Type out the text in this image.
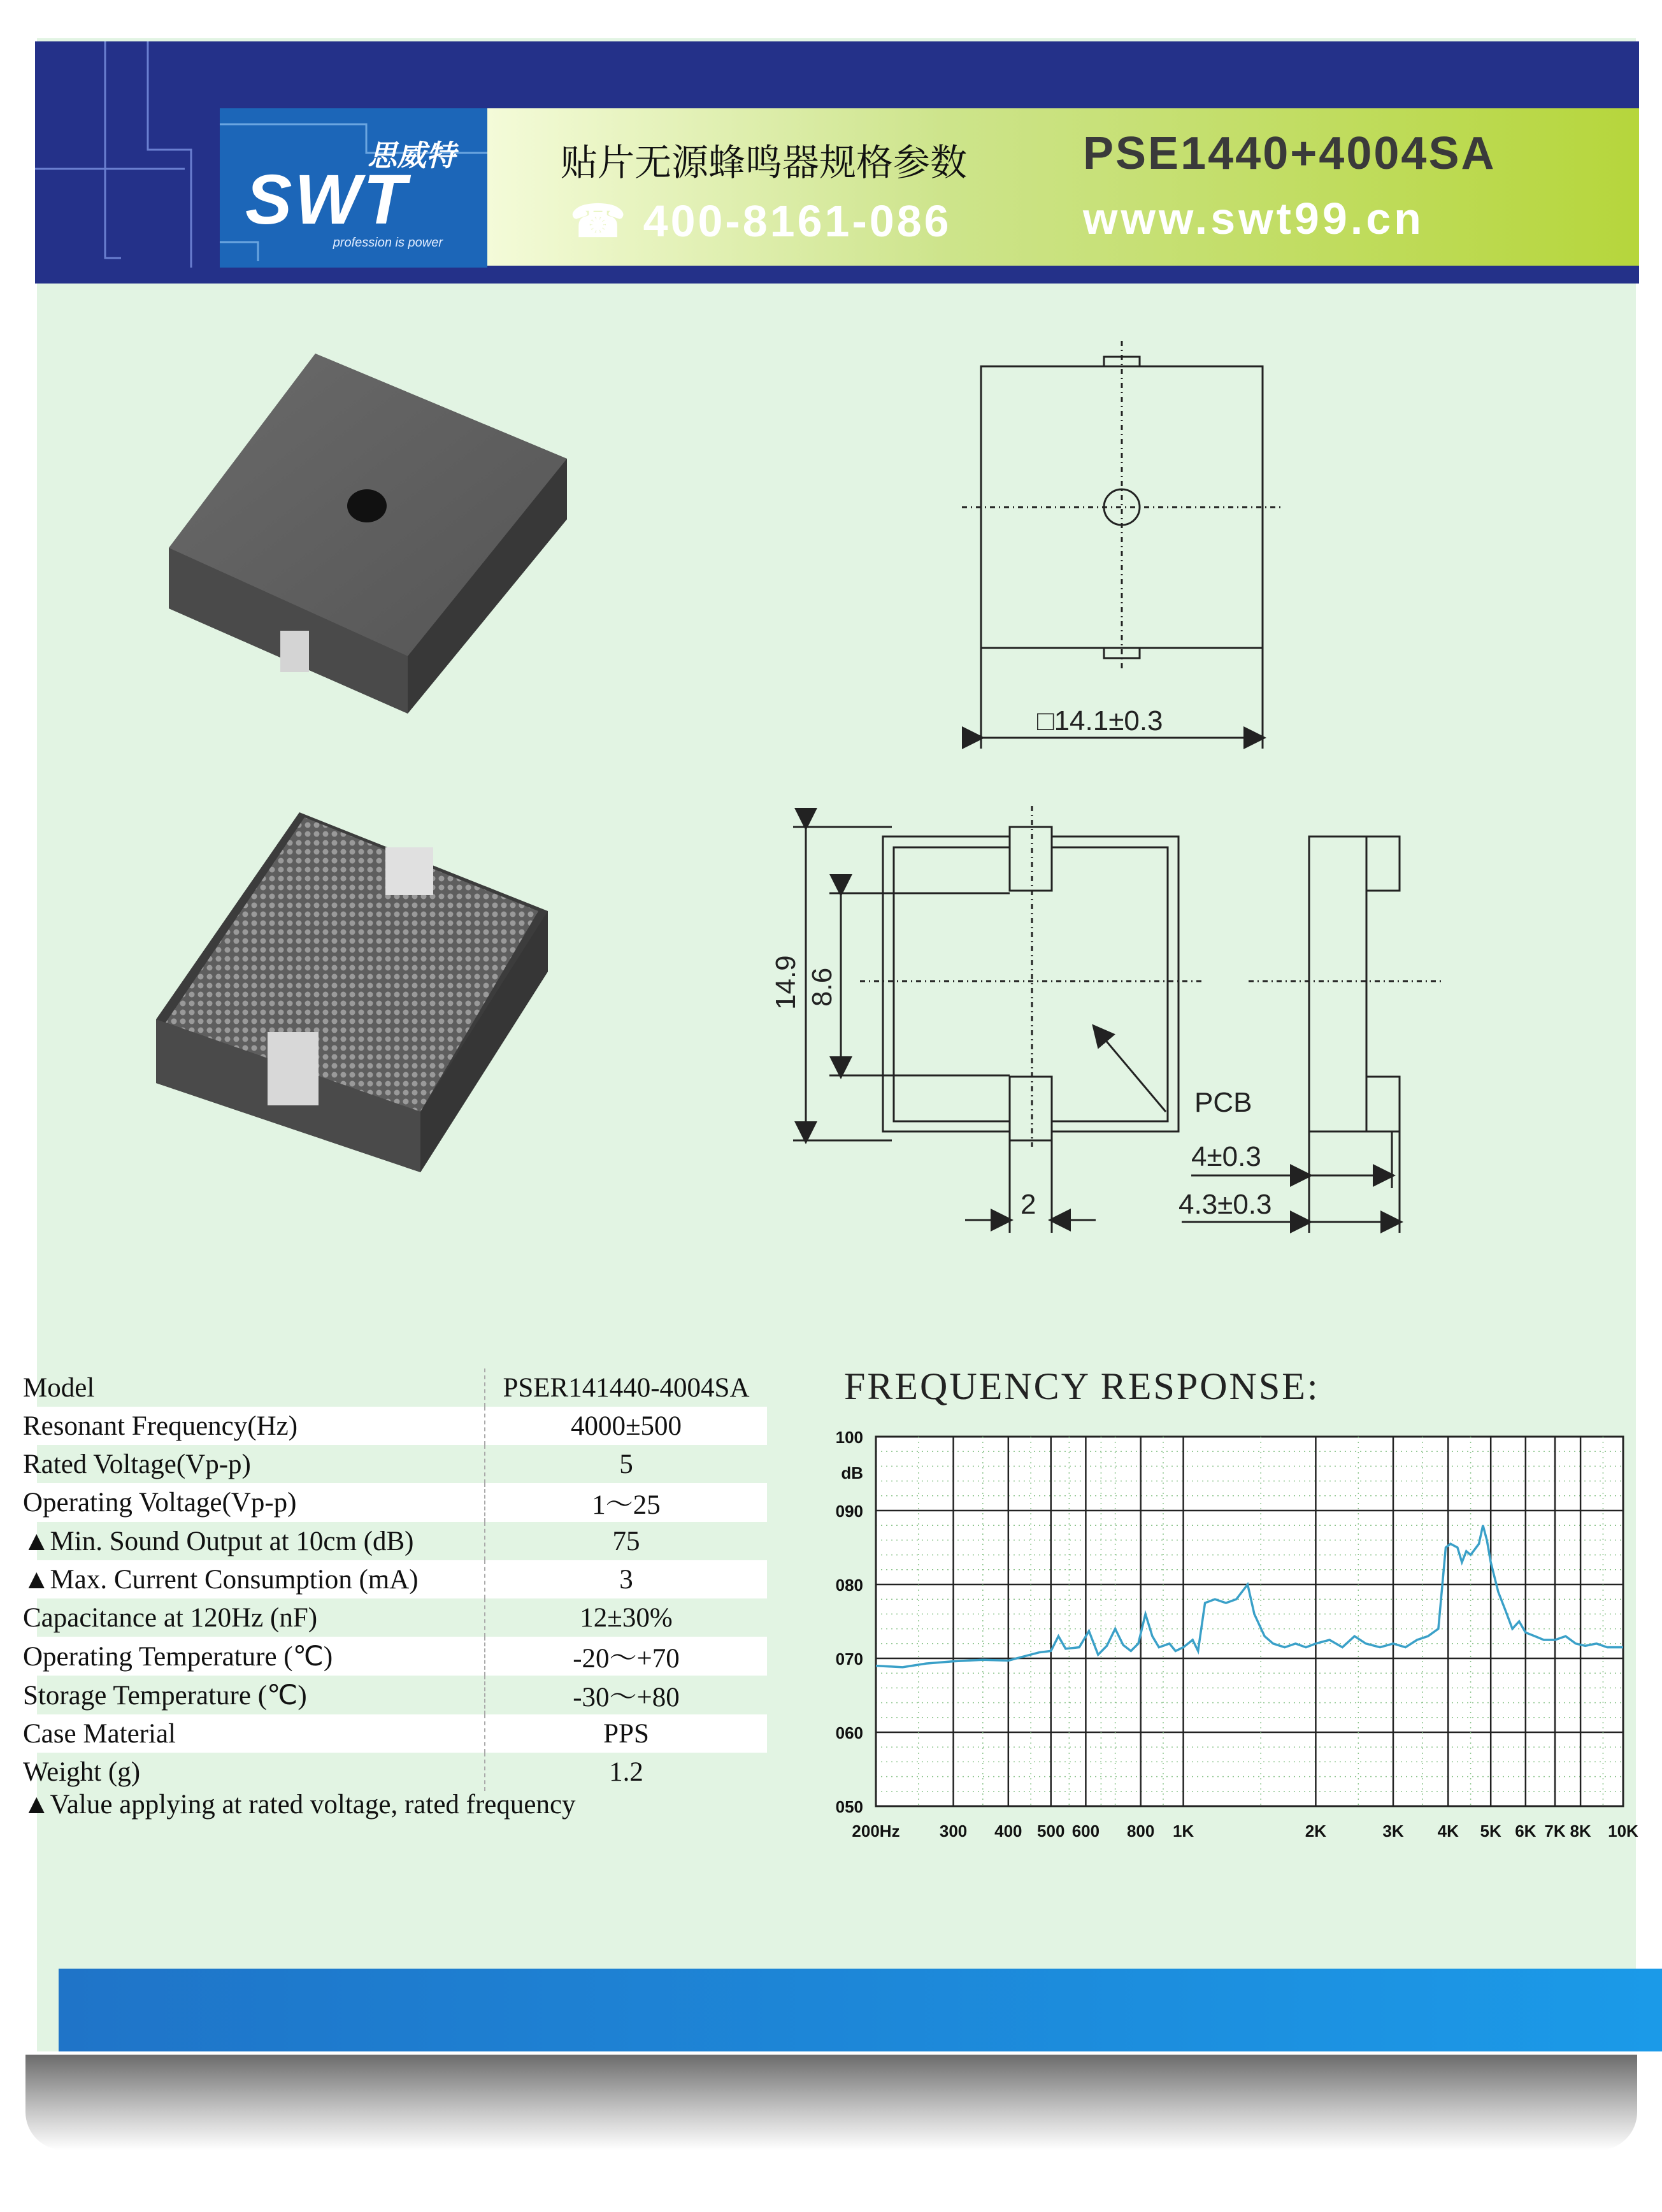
思威特
SWT
profession is power
贴片无源蜂鸣器规格参数	PSE1440+4004SA
☎ 400-8161-086	www.swt99.cn
□14.1±0.3
14.9 8.6
PCB
2
4±0.3
4.3±0.3
Model	PSER141440-4004SA
Resonant Frequency(Hz)	4000±500
Rated Voltage(Vp-p)	5
Operating Voltage(Vp-p)	1～25
▲Min. Sound Output at 10cm (dB)	75
▲Max. Current Consumption (mA)	3
Capacitance at 120Hz (nF)	12±30%
Operating Temperature (℃)	-20～+70
Storage Temperature (℃)	-30～+80
Case Material	PPS
Weight (g)	1.2
▲Value applying at rated voltage, rated frequency
FREQUENCY RESPONSE:
050
060
070
080
090
100
dB
200Hz 300 400 500 600 800 1K	2K	3K 4K 5K 6K 7K 8K 10K
